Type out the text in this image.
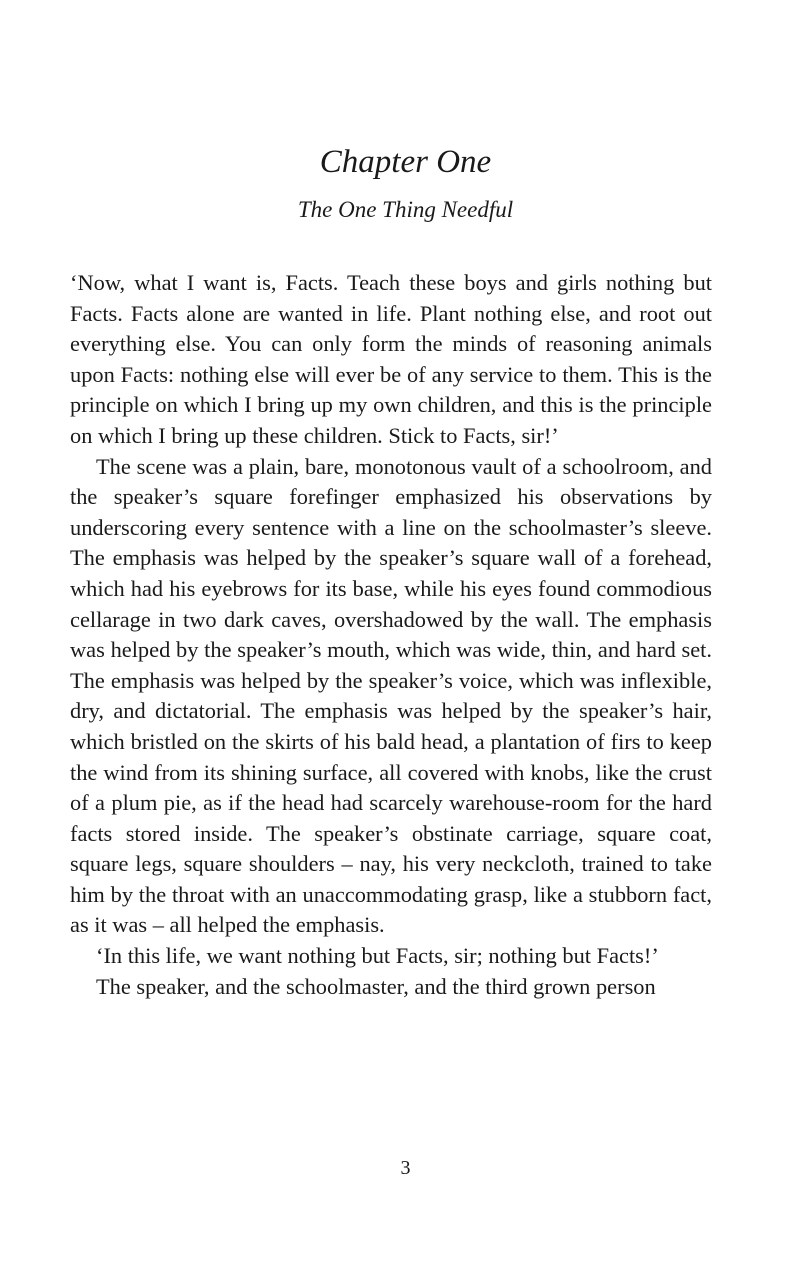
Chapter One
The One Thing Needful

‘Now, what I want is, Facts. Teach these boys and girls nothing but Facts. Facts alone are wanted in life. Plant nothing else, and root out everything else. You can only form the minds of reasoning animals upon Facts: nothing else will ever be of any service to them. This is the principle on which I bring up my own children, and this is the principle on which I bring up these children. Stick to Facts, sir!’

The scene was a plain, bare, monotonous vault of a schoolroom, and the speaker’s square forefinger emphasized his observations by underscoring every sentence with a line on the schoolmaster’s sleeve. The emphasis was helped by the speaker’s square wall of a forehead, which had his eyebrows for its base, while his eyes found commodious cellarage in two dark caves, overshadowed by the wall. The emphasis was helped by the speaker’s mouth, which was wide, thin, and hard set. The emphasis was helped by the speaker’s voice, which was inflexible, dry, and dictatorial. The emphasis was helped by the speaker’s hair, which bristled on the skirts of his bald head, a plantation of firs to keep the wind from its shining surface, all covered with knobs, like the crust of a plum pie, as if the head had scarcely warehouse-room for the hard facts stored inside. The speaker’s obstinate carriage, square coat, square legs, square shoulders – nay, his very neckcloth, trained to take him by the throat with an unaccommodating grasp, like a stubborn fact, as it was – all helped the emphasis.

‘In this life, we want nothing but Facts, sir; nothing but Facts!’

The speaker, and the schoolmaster, and the third grown person

3
